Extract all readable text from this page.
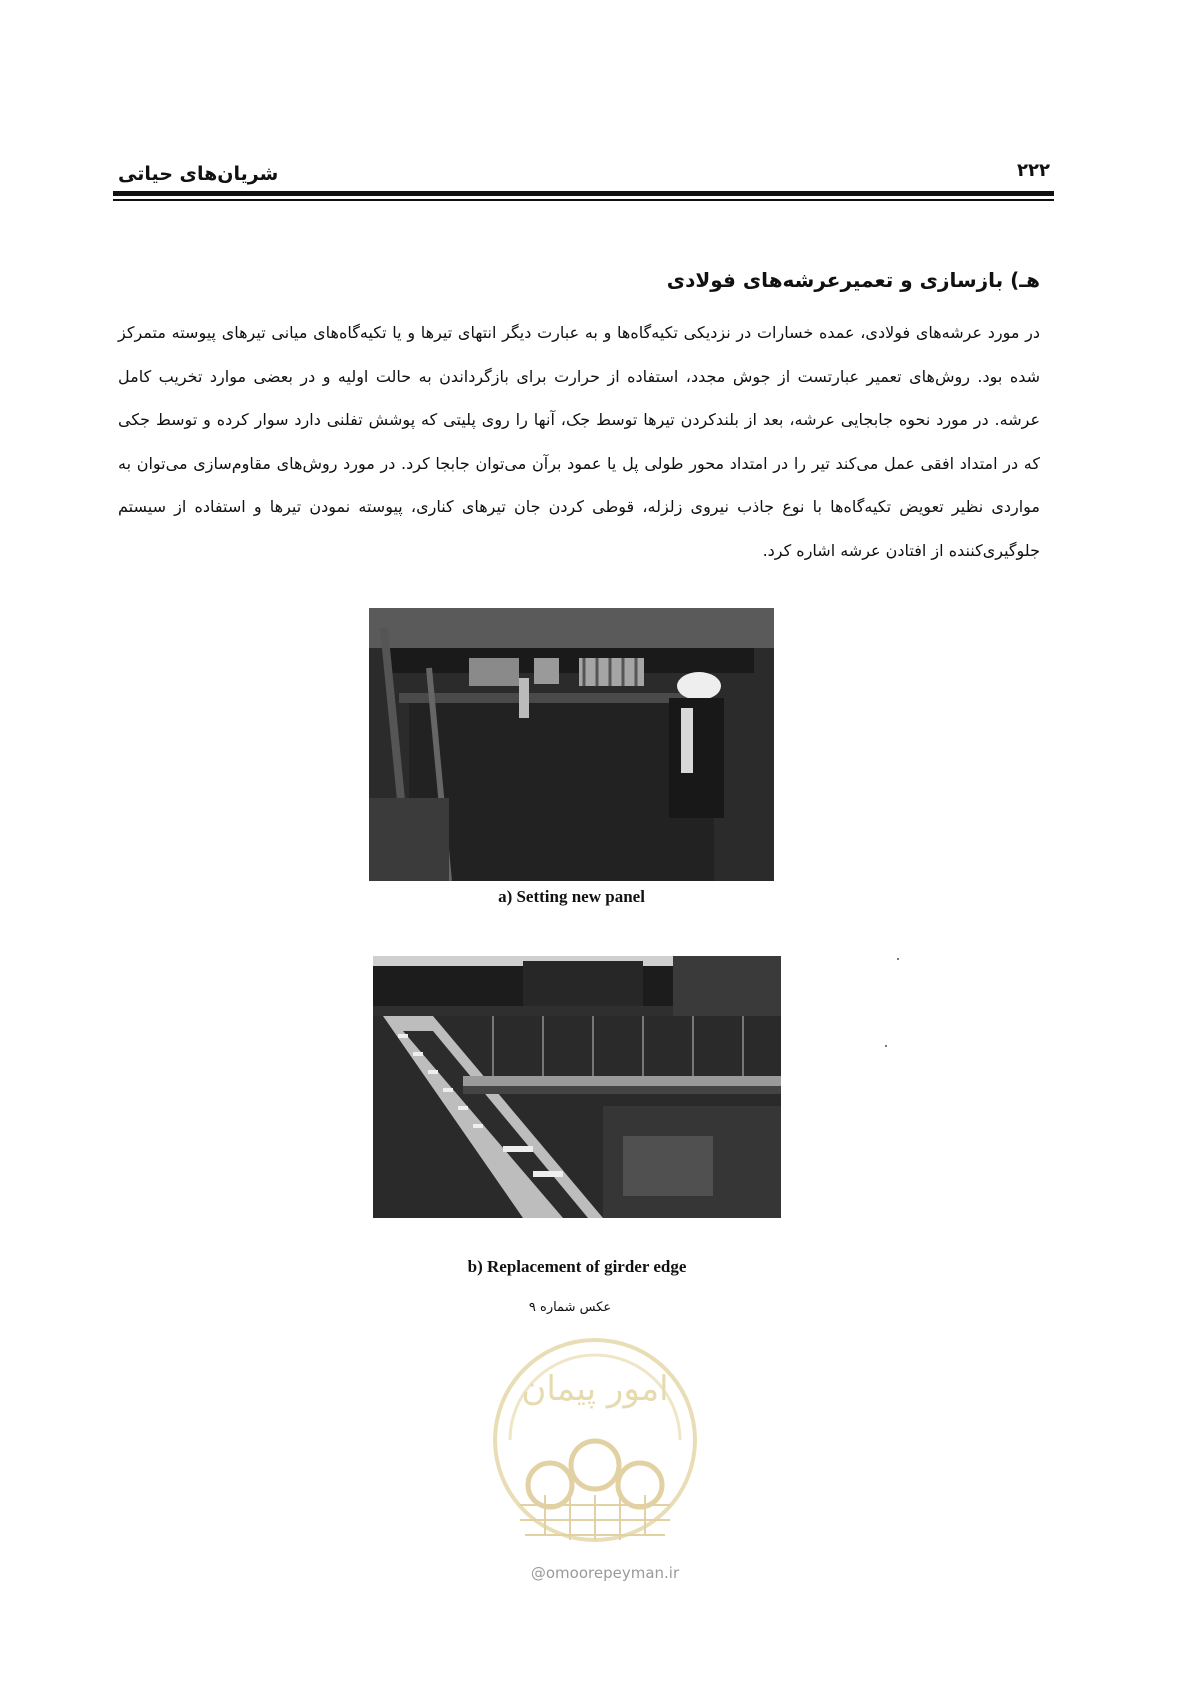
شریان‌های حیاتی	۲۲۲
هـ) بازسازی و تعمیرعرشه‌های فولادی

در مورد عرشه‌های فولادی، عمده خسارات در نزدیکی تکیه‌گاه‌ها و به عبارت دیگر انتهای تیرها و یا تکیه‌گاه‌های میانی تیرهای پیوسته متمرکز شده بود. روش‌های تعمیر عبارتست از جوش مجدد، استفاده از حرارت برای بازگرداندن به حالت اولیه و در بعضی موارد تخریب کامل عرشه. در مورد نحوه جابجایی عرشه، بعد از بلندکردن تیرها توسط جک، آنها را روی پلیتی که پوشش تفلنی دارد سوار کرده و توسط جکی که در امتداد افقی عمل می‌کند تیر را در امتداد محور طولی پل یا عمود برآن می‌توان جابجا کرد. در مورد روش‌های مقاوم‌سازی می‌توان به مواردی نظیر تعویض تکیه‌گاه‌ها با نوع جاذب نیروی زلزله، قوطی کردن جان تیرهای کناری، پیوسته نمودن تیرها و استفاده از سیستم جلوگیری‌کننده از افتادن عرشه اشاره کرد.

a) Setting new panel
b) Replacement of girder edge
عکس شماره ۹
امور پیمان
@omoorepeyman.ir
